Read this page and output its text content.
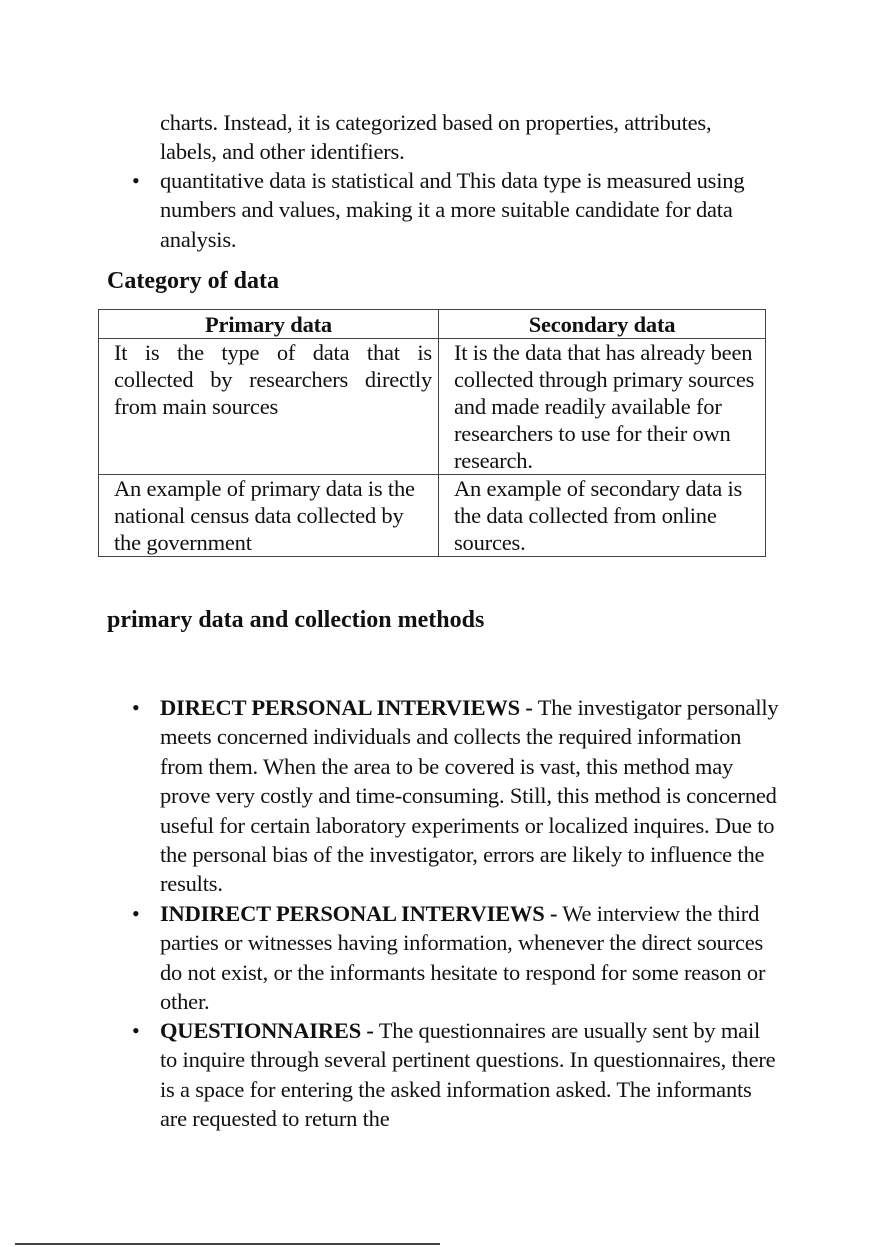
charts. Instead, it is categorized based on properties, attributes,
labels, and other identifiers.
• quantitative data is statistical and This data type is measured using numbers and values, making it a more suitable candidate for data analysis.
Category of data
Primary data	Secondary data
It is the type of data that is collected by researchers directly from main sources	It is the data that has already been collected through primary sources and made readily available for researchers to use for their own research.
An example of primary data is the national census data collected by the government	An example of secondary data is the data collected from online sources.
primary data and collection methods
• DIRECT PERSONAL INTERVIEWS - The investigator personally meets concerned individuals and collects the required information from them. When the area to be covered is vast, this method may prove very costly and time-consuming. Still, this method is concerned useful for certain laboratory experiments or localized inquires. Due to the personal bias of the investigator, errors are likely to influence the results.
• INDIRECT PERSONAL INTERVIEWS - We interview the third parties or witnesses having information, whenever the direct sources do not exist, or the informants hesitate to respond for some reason or other.
• QUESTIONNAIRES - The questionnaires are usually sent by mail to inquire through several pertinent questions. In questionnaires, there is a space for entering the asked information asked. The informants are requested to return the
